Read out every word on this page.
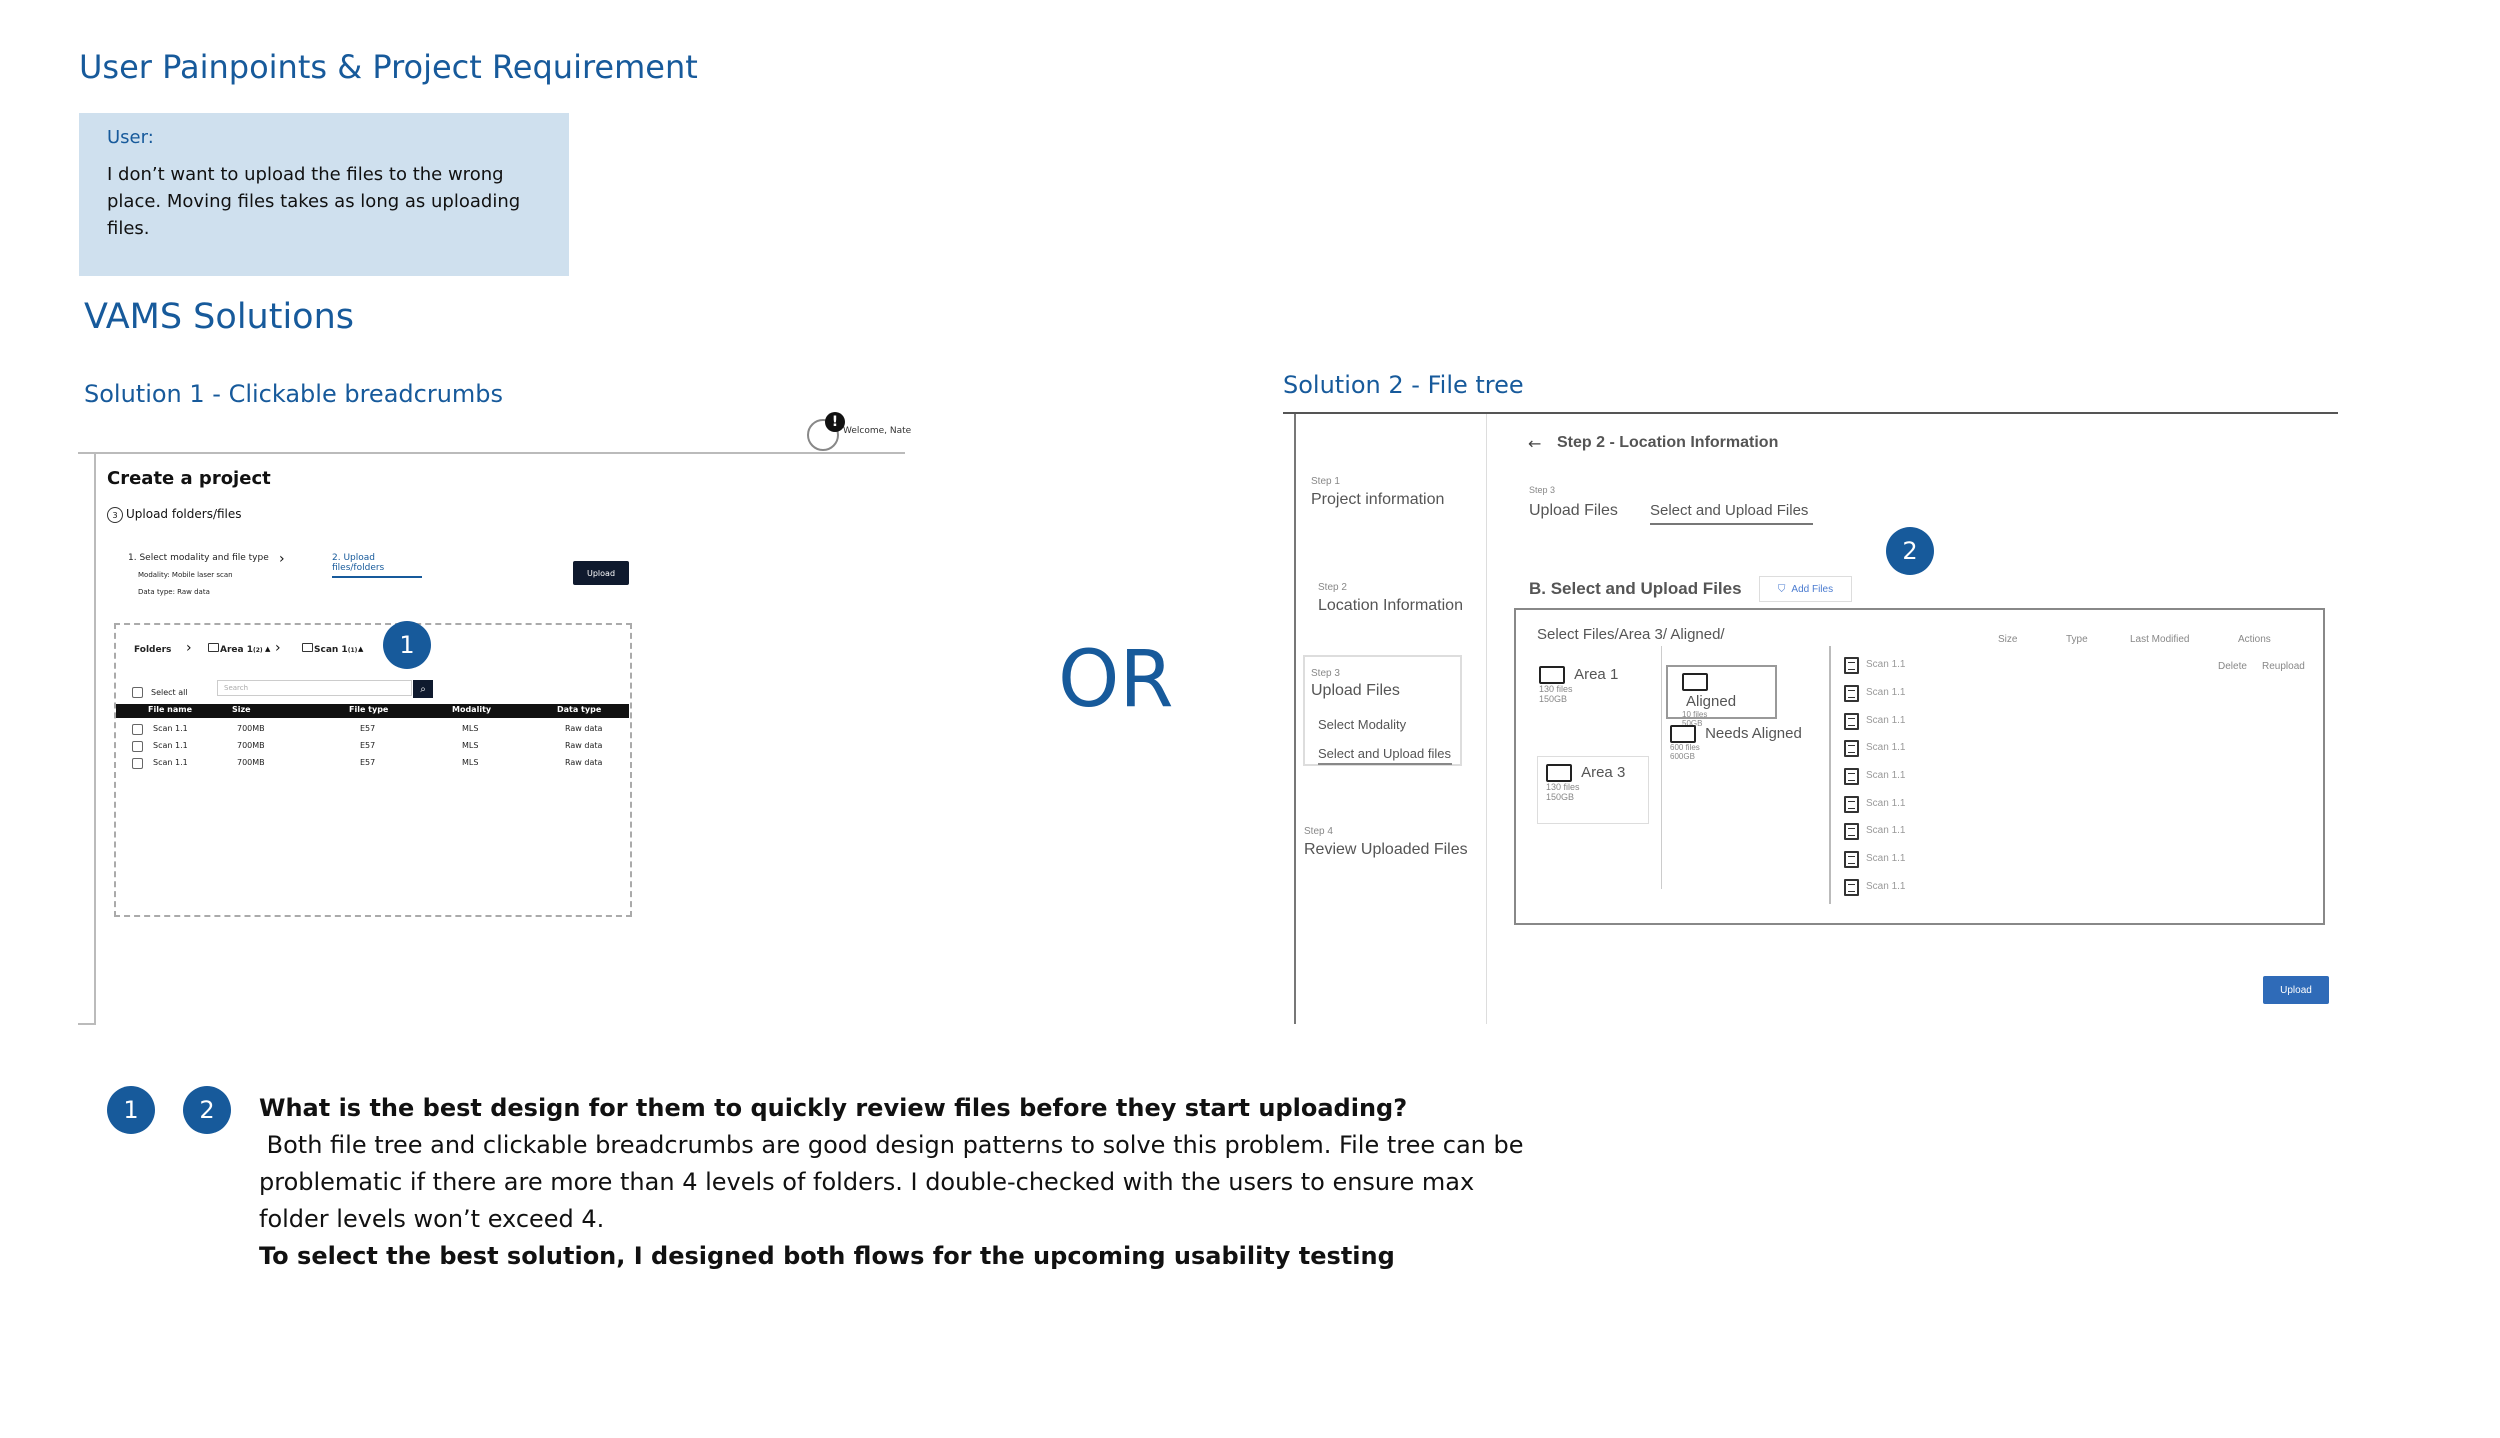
User Painpoints & Project Requirement
User:
I don’t want to upload the files to the wrong place. Moving files takes as long as uploading files.
VAMS Solutions
Solution 1 - Clickable breadcrumbs
!
Welcome, Nate
Create a project
3 Upload folders/files
1. Select modality and file type
Modality: Mobile laser scan
Data type: Raw data
›	2. Upload files/folders	Upload
Folders ›	Area 1(2) ▲ ›	Scan 1(1) ▲	1
Select all	Search	⌕
File name	Size	File type	Modality	Data type
Scan 1.1	700MB	E57	MLS	Raw data
Scan 1.1	700MB	E57	MLS	Raw data
Scan 1.1	700MB	E57	MLS	Raw data
OR
Solution 2 - File tree
Step 1
Project information
Step 2
Location Information
Step 3
Upload Files
Select Modality
Select and Upload files
Step 4
Review Uploaded Files
← Step 2 - Location Information
Step 3
Upload Files Select and Upload Files
2
B. Select and Upload Files	⛉ Add Files
Select Files/Area 3/ Aligned/	Size	Type	Last Modified	Actions
Delete Reupload
Area 1
130 files
150GB
Area 3
130 files
150GB
Aligned
10 files
50GB
Needs Aligned
600 files
600GB
Scan 1.1
Scan 1.1
Scan 1.1
Scan 1.1
Scan 1.1
Scan 1.1
Scan 1.1
Scan 1.1
Scan 1.1
Upload
1	2	What is the best design for them to quickly review files before they start uploading?
Both file tree and clickable breadcrumbs are good design patterns to solve this problem. File tree can be problematic if there are more than 4 levels of folders. I double-checked with the users to ensure max folder levels won’t exceed 4.
To select the best solution, I designed both flows for the upcoming usability testing
